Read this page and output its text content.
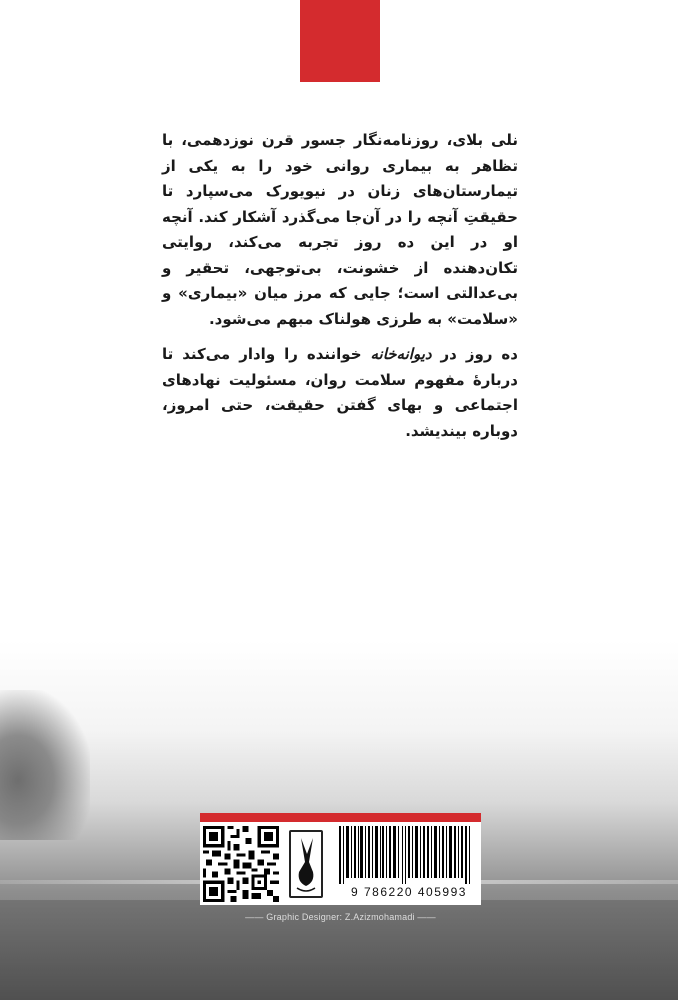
نلی بلای، روزنامه‌نگار جسور قرن نوزدهمی، با تظاهر به بیماری روانی خود را به یکی از تیمارستان‌های زنان در نیویورک می‌سپارد تا حقیقتِ آنچه را در آن‌جا می‌گذرد آشکار کند. آنچه او در این ده روز تجربه می‌کند، روایتی تکان‌دهنده از خشونت، بی‌توجهی، تحقیر و بی‌عدالتی است؛ جایی که مرز میان «بیماری» و «سلامت» به طرزی هولناک مبهم می‌شود.

ده روز در دیوانه‌خانه خواننده را وادار می‌کند تا دربارهٔ مفهوم سلامت روان، مسئولیت نهادهای اجتماعی و بهای گفتن حقیقت، حتی امروز، دوباره بیندیشد.

9 786220 405993
—— Graphic Designer: Z.Azizmohamadi ——
